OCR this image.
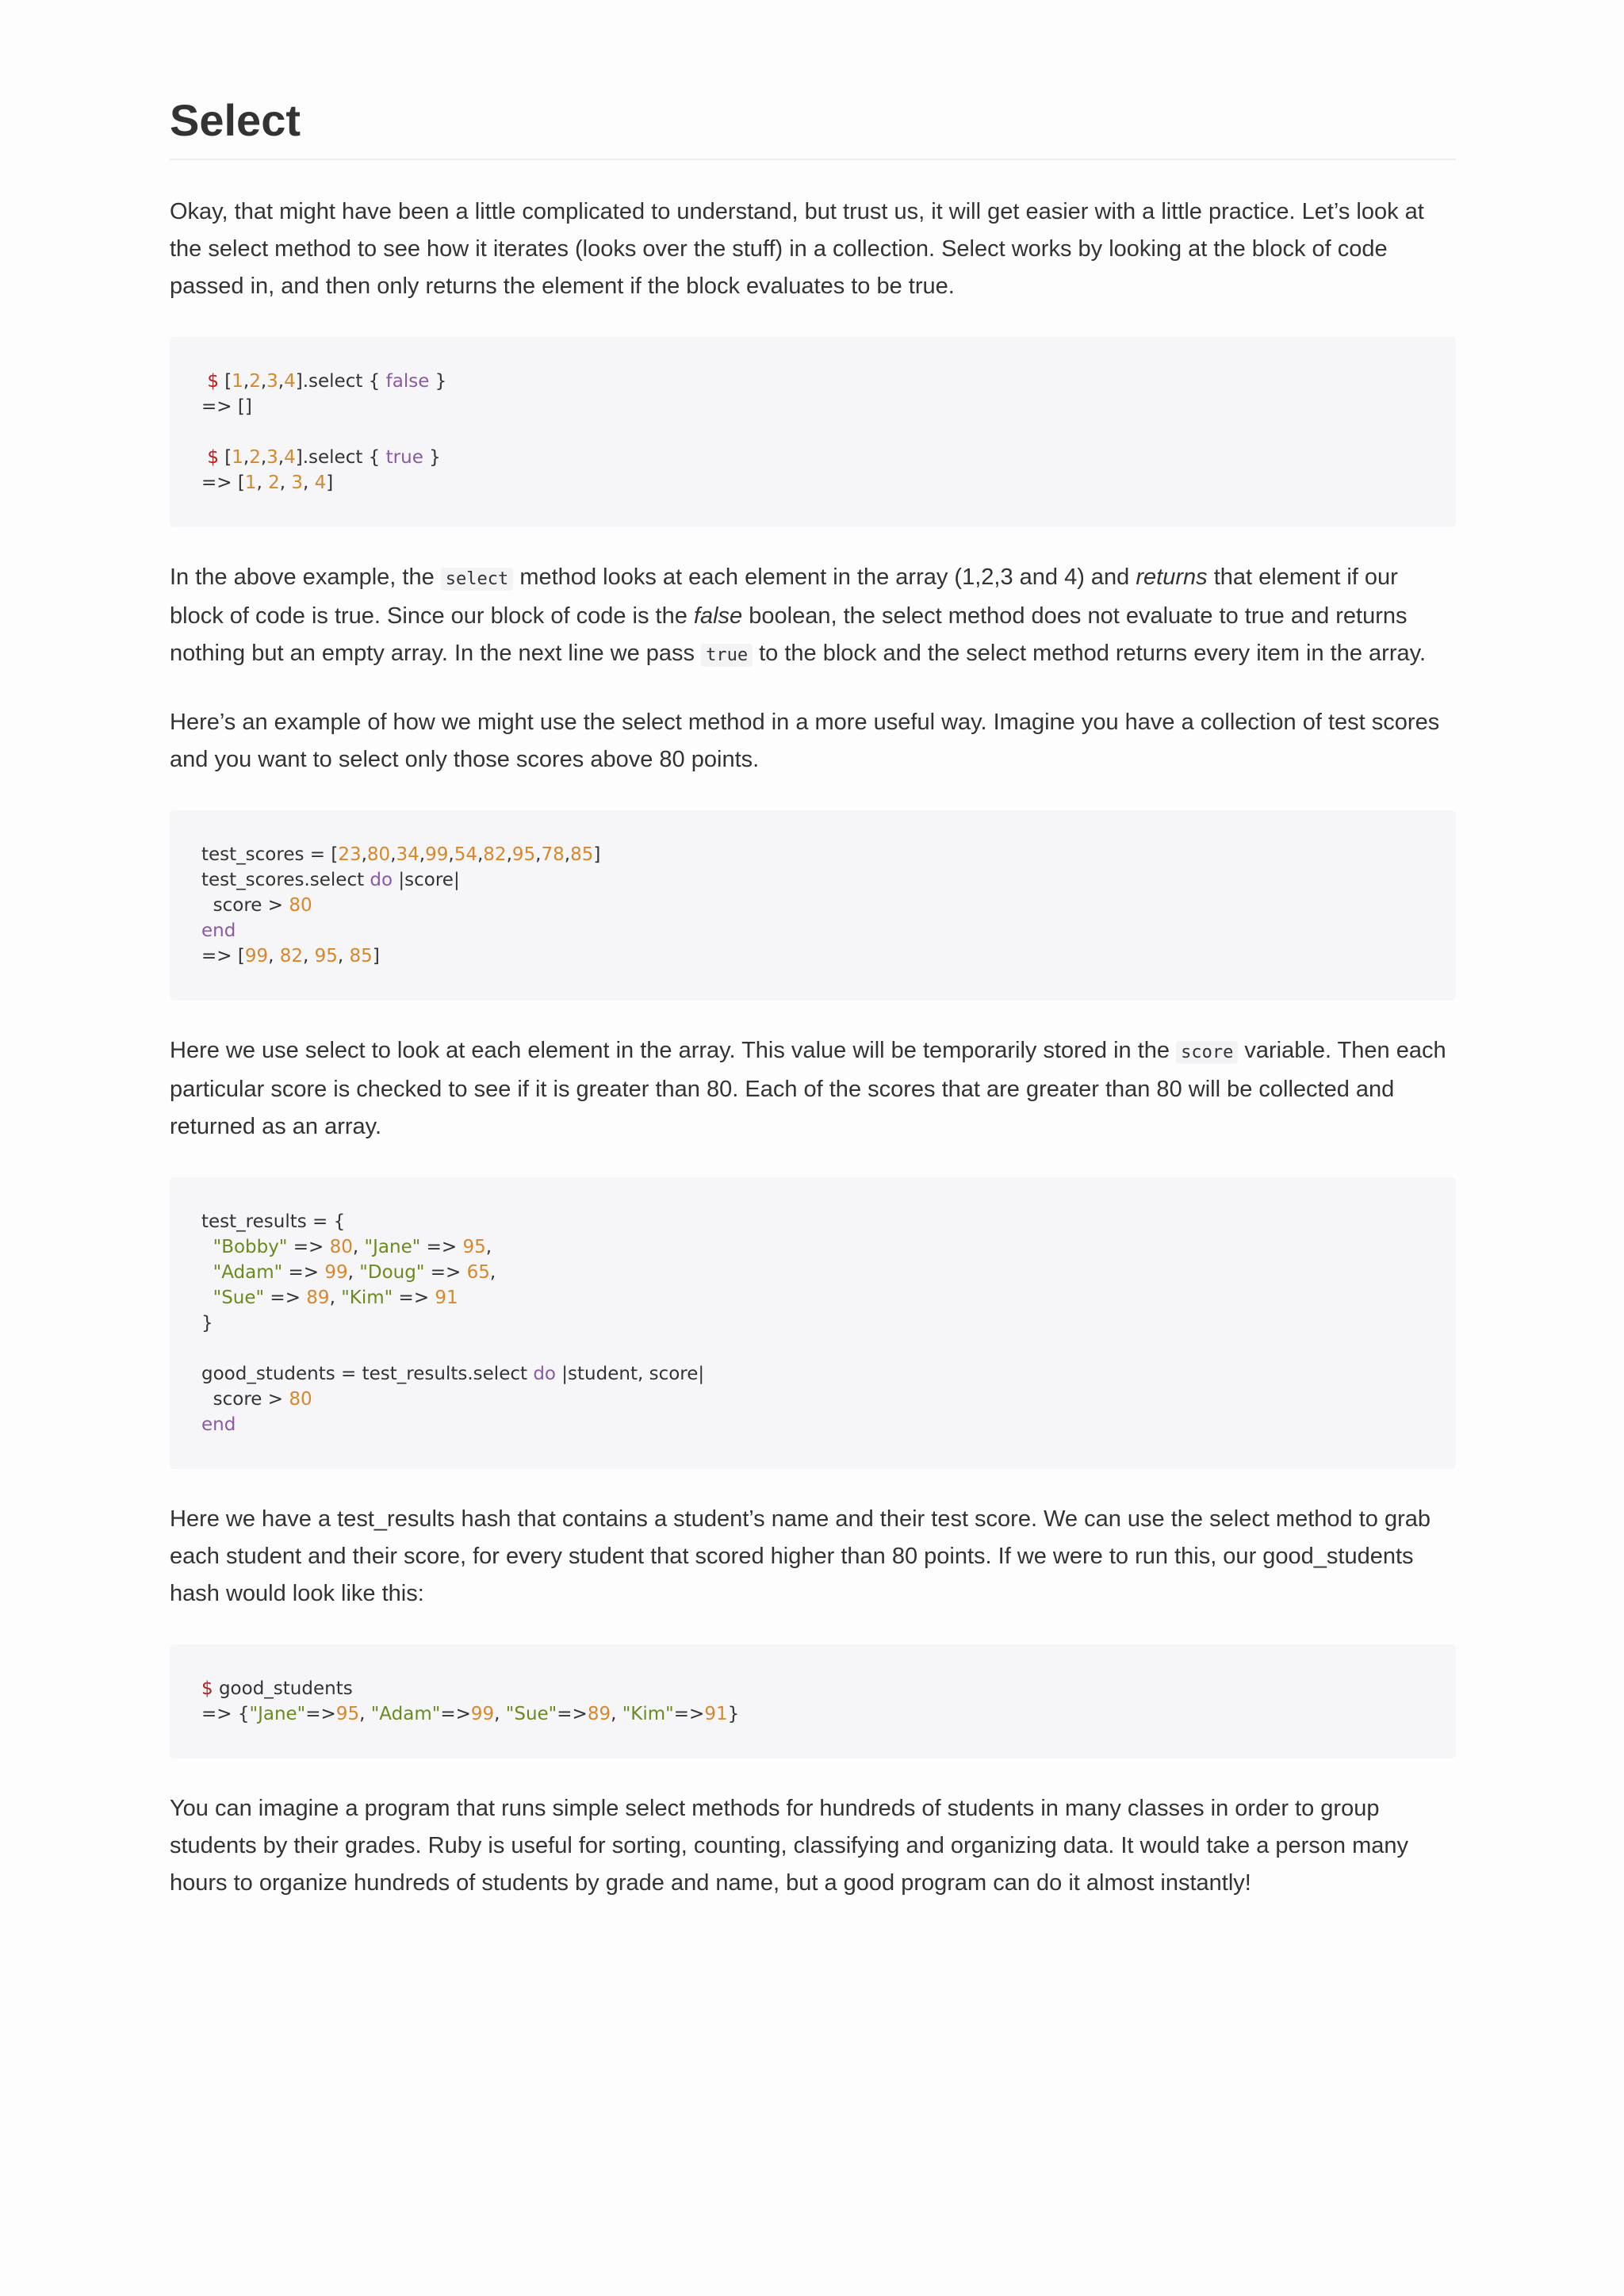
Select

Okay, that might have been a little complicated to understand, but trust us, it will get easier with a little practice. Let’s look at the select method to see how it iterates (looks over the stuff) in a collection. Select works by looking at the block of code passed in, and then only returns the element if the block evaluates to be true.

$ [1,2,3,4].select { false }
=> []

$ [1,2,3,4].select { true }
=> [1, 2, 3, 4]

In the above example, the select method looks at each element in the array (1,2,3 and 4) and returns that element if our block of code is true. Since our block of code is the false boolean, the select method does not evaluate to true and returns nothing but an empty array. In the next line we pass true to the block and the select method returns every item in the array.

Here’s an example of how we might use the select method in a more useful way. Imagine you have a collection of test scores and you want to select only those scores above 80 points.

test_scores = [23,80,34,99,54,82,95,78,85]
test_scores.select do |score|
score > 80
end
=> [99, 82, 95, 85]

Here we use select to look at each element in the array. This value will be temporarily stored in the score variable. Then each particular score is checked to see if it is greater than 80. Each of the scores that are greater than 80 will be collected and returned as an array.

test_results = {
"Bobby" => 80, "Jane" => 95,
"Adam" => 99, "Doug" => 65,
"Sue" => 89, "Kim" => 91
}

good_students = test_results.select do |student, score|
score > 80
end

Here we have a test_results hash that contains a student’s name and their test score. We can use the select method to grab each student and their score, for every student that scored higher than 80 points. If we were to run this, our good_students hash would look like this:

$ good_students
=> {"Jane"=>95, "Adam"=>99, "Sue"=>89, "Kim"=>91}

You can imagine a program that runs simple select methods for hundreds of students in many classes in order to group students by their grades. Ruby is useful for sorting, counting, classifying and organizing data. It would take a person many hours to organize hundreds of students by grade and name, but a good program can do it almost instantly!
